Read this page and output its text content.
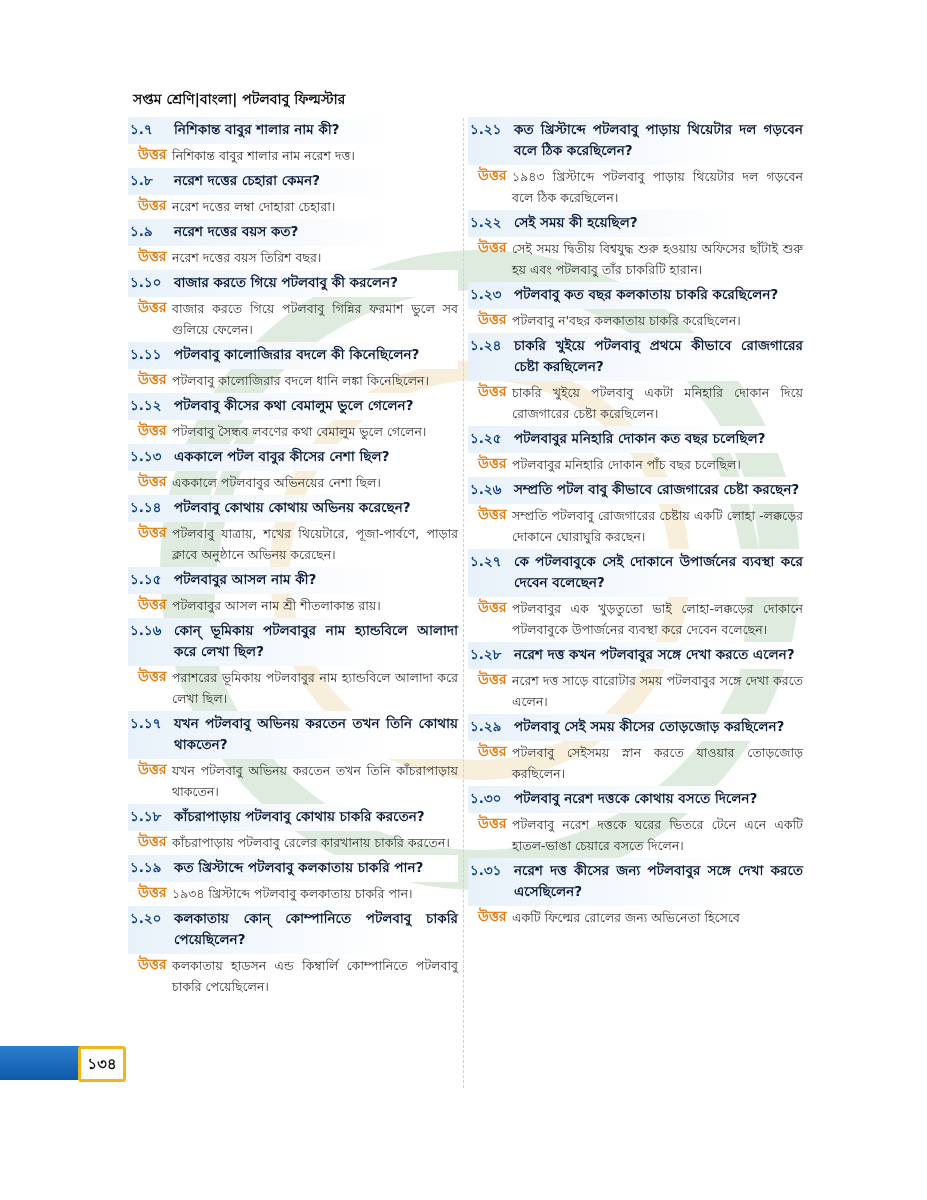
সপ্তম শ্রেণি|বাংলা| পটলবাবু ফিল্মস্টার
১.৭	নিশিকান্ত বাবুর শালার নাম কী?
উত্তর নিশিকান্ত বাবুর শালার নাম নরেশ দত্ত।
১.৮	নরেশ দত্তের চেহারা কেমন?
উত্তর নরেশ দত্তের লম্বা দোহারা চেহারা।
১.৯	নরেশ দত্তের বয়স কত?
উত্তর নরেশ দত্তের বয়স তিরিশ বছর।
১.১০ বাজার করতে গিয়ে পটলবাবু কী করলেন?
উত্তর বাজার করতে গিয়ে পটলবাবু গিন্নির ফরমাশ ভুলে সব গুলিয়ে ফেলেন।
১.১১ পটলবাবু কালোজিরার বদলে কী কিনেছিলেন?
উত্তর পটলবাবু কালোজিরার বদলে ধানি লঙ্কা কিনেছিলেন।
১.১২ পটলবাবু কীসের কথা বেমালুম ভুলে গেলেন?
উত্তর পটলবাবু সৈন্ধব লবণের কথা বেমালুম ভুলে গেলেন।
১.১৩ এককালে পটল বাবুর কীসের নেশা ছিল?
উত্তর এককালে পটলবাবুর অভিনয়ের নেশা ছিল।
১.১৪ পটলবাবু কোথায় কোথায় অভিনয় করেছেন?
উত্তর পটলবাবু যাত্রায়, শখের থিয়েটারে, পূজা-পার্বণে, পাড়ার ক্লাবে অনুষ্ঠানে অভিনয় করেছেন।
১.১৫ পটলবাবুর আসল নাম কী?
উত্তর পটলবাবুর আসল নাম শ্রী শীতলাকান্ত রায়।
১.১৬ কোন্ ভূমিকায় পটলবাবুর নাম হ্যান্ডবিলে আলাদা করে লেখা ছিল?
উত্তর পরাশরের ভূমিকায় পটলবাবুর নাম হ্যান্ডবিলে আলাদা করে লেখা ছিল।
১.১৭ যখন পটলবাবু অভিনয় করতেন তখন তিনি কোথায় থাকতেন?
উত্তর যখন পটলবাবু অভিনয় করতেন তখন তিনি কাঁচরাপাড়ায় থাকতেন।
১.১৮ কাঁচরাপাড়ায় পটলবাবু কোথায় চাকরি করতেন?
উত্তর কাঁচরাপাড়ায় পটলবাবু রেলের কারখানায় চাকরি করতেন।
১.১৯ কত খ্রিস্টাব্দে পটলবাবু কলকাতায় চাকরি পান?
উত্তর ১৯৩৪ খ্রিস্টাব্দে পটলবাবু কলকাতায় চাকরি পান।
১.২০ কলকাতায় কোন্ কোম্পানিতে পটলবাবু চাকরি পেয়েছিলেন?
উত্তর কলকাতায় হাডসন এন্ড কিম্বার্লি কোম্পানিতে পটলবাবু চাকরি পেয়েছিলেন।
১.২১ কত খ্রিস্টাব্দে পটলবাবু পাড়ায় থিয়েটার দল গড়বেন বলে ঠিক করেছিলেন?
উত্তর ১৯৪৩ খ্রিস্টাব্দে পটলবাবু পাড়ায় থিয়েটার দল গড়বেন বলে ঠিক করেছিলেন।
১.২২ সেই সময় কী হয়েছিল?
উত্তর সেই সময় দ্বিতীয় বিশ্বযুদ্ধ শুরু হওয়ায় অফিসের ছাঁটাই শুরু হয় এবং পটলবাবু তাঁর চাকরিটি হারান।
১.২৩ পটলবাবু কত বছর কলকাতায় চাকরি করেছিলেন?
উত্তর পটলবাবু ন'বছর কলকাতায় চাকরি করেছিলেন।
১.২৪ চাকরি খুইয়ে পটলবাবু প্রথমে কীভাবে রোজগারের চেষ্টা করছিলেন?
উত্তর চাকরি খুইয়ে পটলবাবু একটা মনিহারি দোকান দিয়ে রোজগারের চেষ্টা করেছিলেন।
১.২৫ পটলবাবুর মনিহারি দোকান কত বছর চলেছিল?
উত্তর পটলবাবুর মনিহারি দোকান পাঁচ বছর চলেছিল।
১.২৬ সম্প্রতি পটল বাবু কীভাবে রোজগারের চেষ্টা করছেন?
উত্তর সম্প্রতি পটলবাবু রোজগারের চেষ্টায় একটি লোহা -লক্কড়ের দোকানে ঘোরাঘুরি করছেন।
১.২৭ কে পটলবাবুকে সেই দোকানে উপার্জনের ব্যবস্থা করে দেবেন বলেছেন?
উত্তর পটলবাবুর এক খুড়তুতো ভাই লোহা-লক্কড়ের দোকানে পটলবাবুকে উপার্জনের ব্যবস্থা করে দেবেন বলেছেন।
১.২৮ নরেশ দত্ত কখন পটলবাবুর সঙ্গে দেখা করতে এলেন?
উত্তর নরেশ দত্ত সাড়ে বারোটার সময় পটলবাবুর সঙ্গে দেখা করতে এলেন।
১.২৯ পটলবাবু সেই সময় কীসের তোড়জোড় করছিলেন?
উত্তর পটলবাবু সেইসময় স্নান করতে যাওয়ার তোড়জোড় করছিলেন।
১.৩০ পটলবাবু নরেশ দত্তকে কোথায় বসতে দিলেন?
উত্তর পটলবাবু নরেশ দত্তকে ঘরের ভিতরে টেনে এনে একটি হাতল-ভাঙা চেয়ারে বসতে দিলেন।
১.৩১ নরেশ দত্ত কীসের জন্য পটলবাবুর সঙ্গে দেখা করতে এসেছিলেন?
উত্তর একটি ফিল্মের রোলের জন্য অভিনেতা হিসেবে
১৩৪
